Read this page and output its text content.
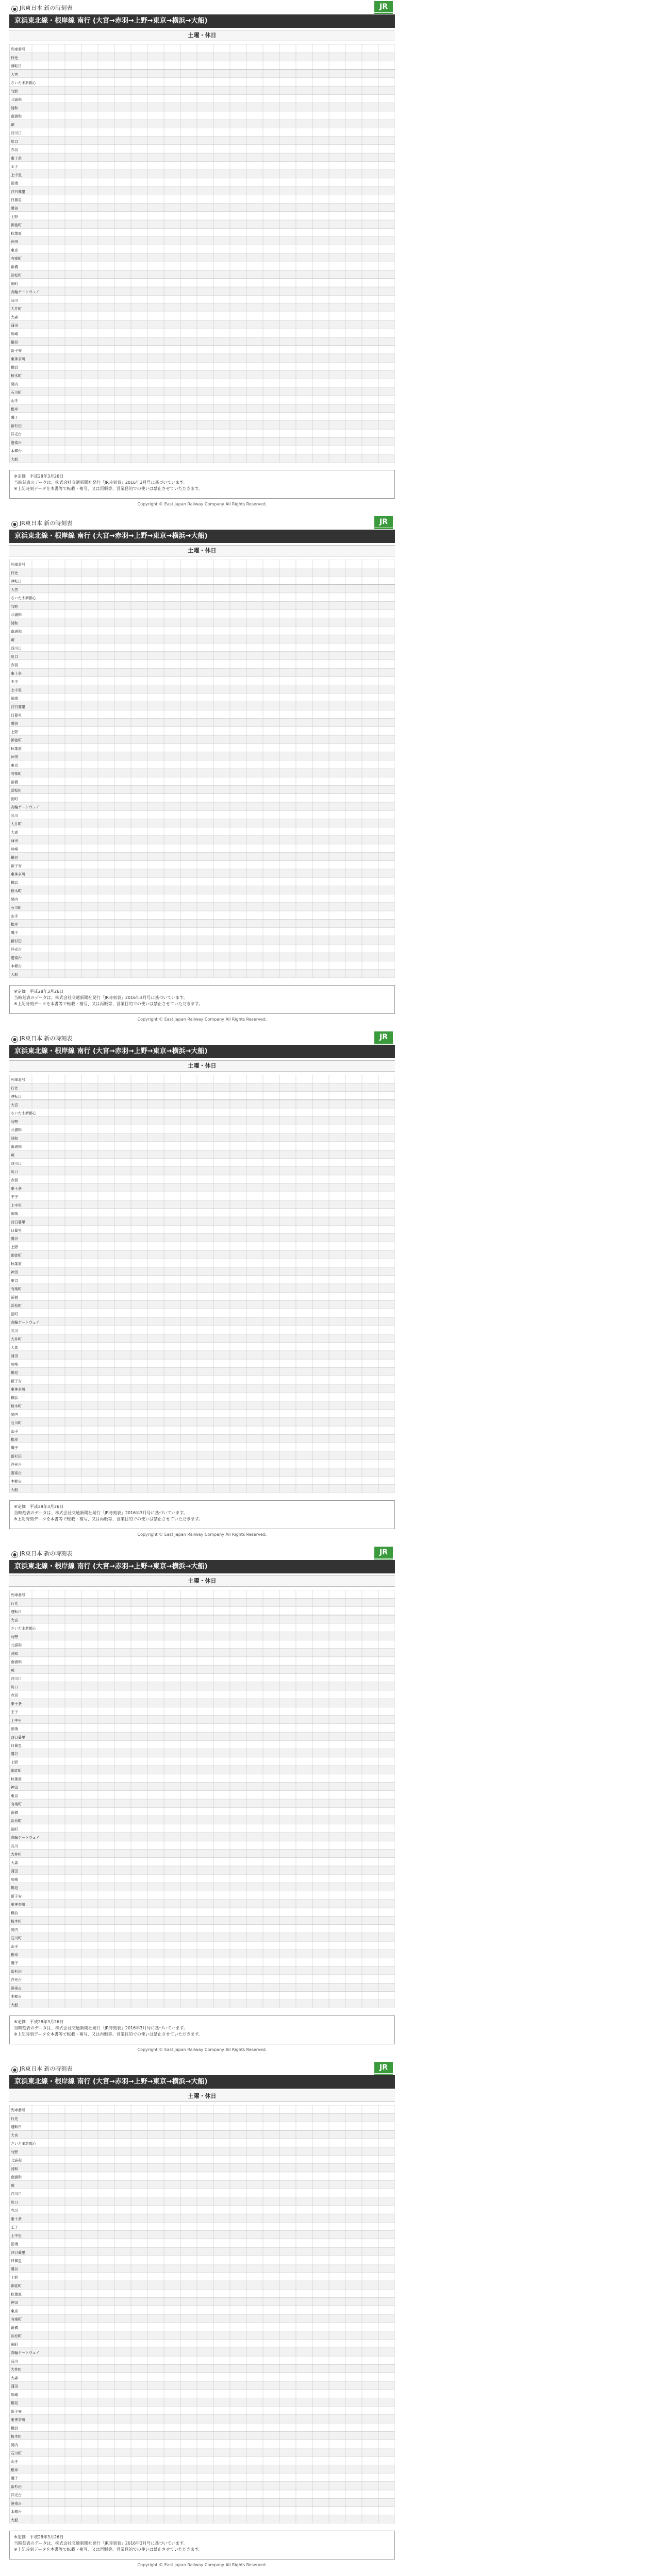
● JR東日本 新の時刻表	JR
京浜東北線・根岸線 南行 (大宮→赤羽→上野→東京→横浜→大船)
土曜・休日
列車番号
行先
運転日
大宮
さいたま新都心
与野
北浦和
浦和
南浦和
蕨
西川口
川口
赤羽
東十条
王子
上中里
田端
西日暮里
日暮里
鶯谷
上野
御徒町
秋葉原
神田
東京
有楽町
新橋
浜松町
田町
高輪ゲートウェイ
品川
大井町
大森
蒲田
川崎
鶴見
新子安
東神奈川
横浜
桜木町
関内
石川町
山手
根岸
磯子
新杉田
洋光台
港南台
本郷台
大船
※定価　平成28年3月26日
当時刻表のデータは、株式会社交通新聞社発行「JR時刻表」2016年3月号に基づいています。
※上記時刻データを本書等で転載・複写、又は再販等、営業目的での使いは禁止させていただきます。
Copyright © East Japan Railway Company All Rights Reserved.
● JR東日本 新の時刻表	JR
京浜東北線・根岸線 南行 (大宮→赤羽→上野→東京→横浜→大船)
土曜・休日
列車番号
行先
運転日
大宮
さいたま新都心
与野
北浦和
浦和
南浦和
蕨
西川口
川口
赤羽
東十条
王子
上中里
田端
西日暮里
日暮里
鶯谷
上野
御徒町
秋葉原
神田
東京
有楽町
新橋
浜松町
田町
高輪ゲートウェイ
品川
大井町
大森
蒲田
川崎
鶴見
新子安
東神奈川
横浜
桜木町
関内
石川町
山手
根岸
磯子
新杉田
洋光台
港南台
本郷台
大船
※定価　平成28年3月26日
当時刻表のデータは、株式会社交通新聞社発行「JR時刻表」2016年3月号に基づいています。
※上記時刻データを本書等で転載・複写、又は再販等、営業目的での使いは禁止させていただきます。
Copyright © East Japan Railway Company All Rights Reserved.
● JR東日本 新の時刻表	JR
京浜東北線・根岸線 南行 (大宮→赤羽→上野→東京→横浜→大船)
土曜・休日
列車番号
行先
運転日
大宮
さいたま新都心
与野
北浦和
浦和
南浦和
蕨
西川口
川口
赤羽
東十条
王子
上中里
田端
西日暮里
日暮里
鶯谷
上野
御徒町
秋葉原
神田
東京
有楽町
新橋
浜松町
田町
高輪ゲートウェイ
品川
大井町
大森
蒲田
川崎
鶴見
新子安
東神奈川
横浜
桜木町
関内
石川町
山手
根岸
磯子
新杉田
洋光台
港南台
本郷台
大船
※定価　平成28年3月26日
当時刻表のデータは、株式会社交通新聞社発行「JR時刻表」2016年3月号に基づいています。
※上記時刻データを本書等で転載・複写、又は再販等、営業目的での使いは禁止させていただきます。
Copyright © East Japan Railway Company All Rights Reserved.
● JR東日本 新の時刻表	JR
京浜東北線・根岸線 南行 (大宮→赤羽→上野→東京→横浜→大船)
土曜・休日
列車番号
行先
運転日
大宮
さいたま新都心
与野
北浦和
浦和
南浦和
蕨
西川口
川口
赤羽
東十条
王子
上中里
田端
西日暮里
日暮里
鶯谷
上野
御徒町
秋葉原
神田
東京
有楽町
新橋
浜松町
田町
高輪ゲートウェイ
品川
大井町
大森
蒲田
川崎
鶴見
新子安
東神奈川
横浜
桜木町
関内
石川町
山手
根岸
磯子
新杉田
洋光台
港南台
本郷台
大船
※定価　平成28年3月26日
当時刻表のデータは、株式会社交通新聞社発行「JR時刻表」2016年3月号に基づいています。
※上記時刻データを本書等で転載・複写、又は再販等、営業目的での使いは禁止させていただきます。
Copyright © East Japan Railway Company All Rights Reserved.
● JR東日本 新の時刻表	JR
京浜東北線・根岸線 南行 (大宮→赤羽→上野→東京→横浜→大船)
土曜・休日
列車番号
行先
運転日
大宮
さいたま新都心
与野
北浦和
浦和
南浦和
蕨
西川口
川口
赤羽
東十条
王子
上中里
田端
西日暮里
日暮里
鶯谷
上野
御徒町
秋葉原
神田
東京
有楽町
新橋
浜松町
田町
高輪ゲートウェイ
品川
大井町
大森
蒲田
川崎
鶴見
新子安
東神奈川
横浜
桜木町
関内
石川町
山手
根岸
磯子
新杉田
洋光台
港南台
本郷台
大船
※定価　平成28年3月26日
当時刻表のデータは、株式会社交通新聞社発行「JR時刻表」2016年3月号に基づいています。
※上記時刻データを本書等で転載・複写、又は再販等、営業目的での使いは禁止させていただきます。
Copyright © East Japan Railway Company All Rights Reserved.
